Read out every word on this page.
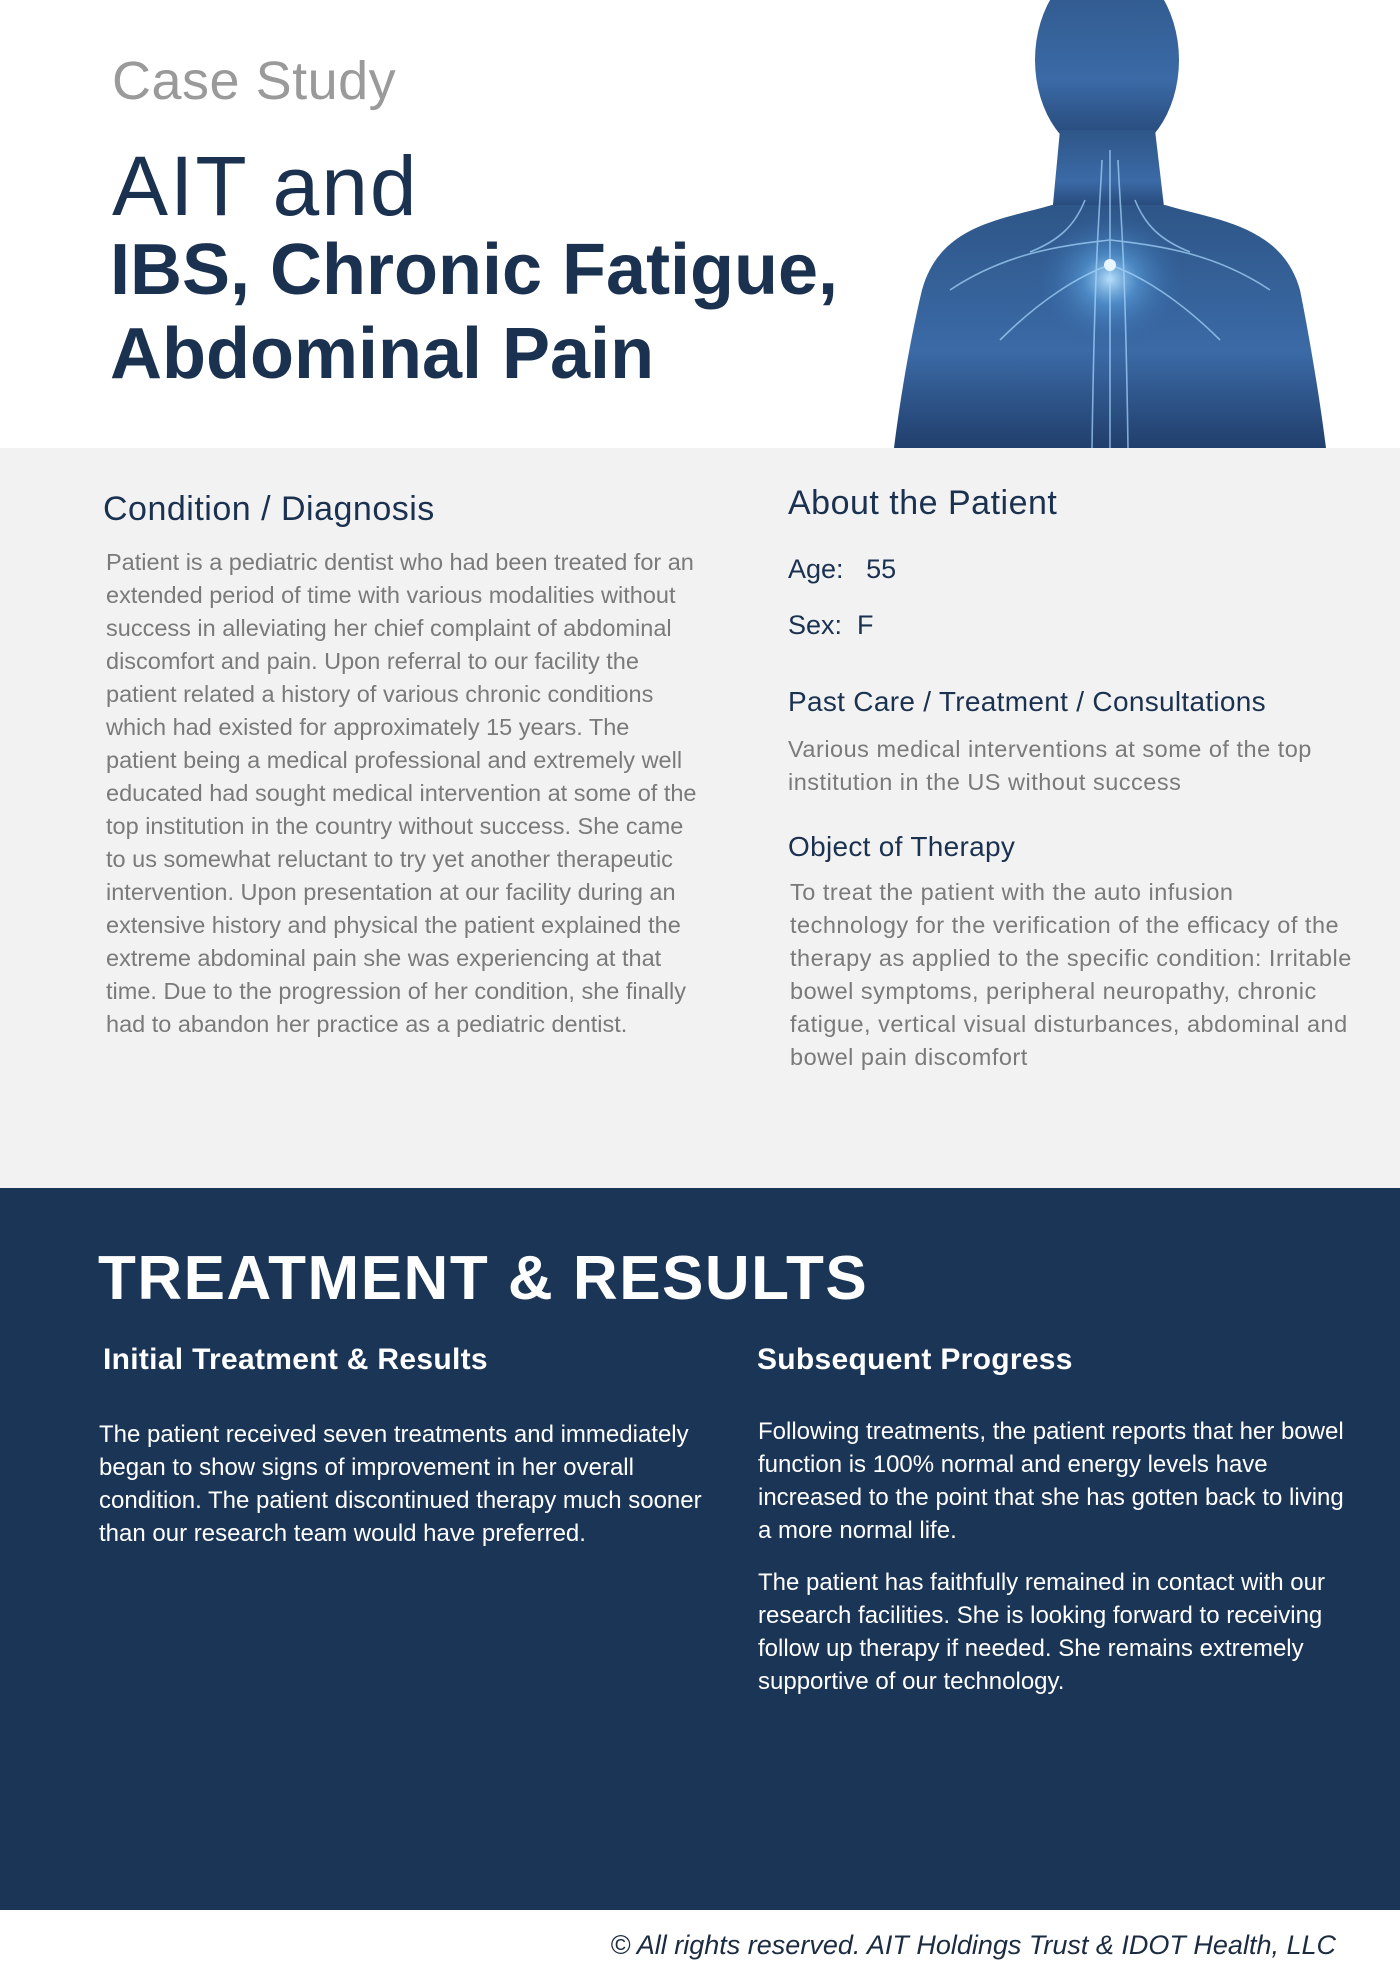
Case Study
AIT and
IBS, Chronic Fatigue,
Abdominal Pain
Condition / Diagnosis
Patient is a pediatric dentist who had been treated for an extended period of time with various modalities without success in alleviating her chief complaint of abdominal discomfort and pain. Upon referral to our facility the patient related a history of various chronic conditions which had existed for approximately 15 years. The patient being a medical professional and extremely well educated had sought medical intervention at some of the top institution in the country without success. She came to us somewhat reluctant to try yet another therapeutic intervention. Upon presentation at our facility during an extensive history and physical the patient explained the extreme abdominal pain she was experiencing at that time. Due to the progression of her condition, she finally had to abandon her practice as a pediatric dentist.
About the Patient
Age: 55
Sex: F
Past Care / Treatment / Consultations
Various medical interventions at some of the top institution in the US without success
Object of Therapy
To treat the patient with the auto infusion technology for the verification of the efficacy of the therapy as applied to the specific condition: Irritable bowel symptoms, peripheral neuropathy, chronic fatigue, vertical visual disturbances, abdominal and bowel pain discomfort
TREATMENT & RESULTS
Initial Treatment & Results

The patient received seven treatments and immediately began to show signs of improvement in her overall condition. The patient discontinued therapy much sooner than our research team would have preferred.

Subsequent Progress

Following treatments, the patient reports that her bowel function is 100% normal and energy levels have increased to the point that she has gotten back to living a more normal life.

The patient has faithfully remained in contact with our research facilities. She is looking forward to receiving follow up therapy if needed. She remains extremely supportive of our technology.

© All rights reserved. AIT Holdings Trust & IDOT Health, LLC
